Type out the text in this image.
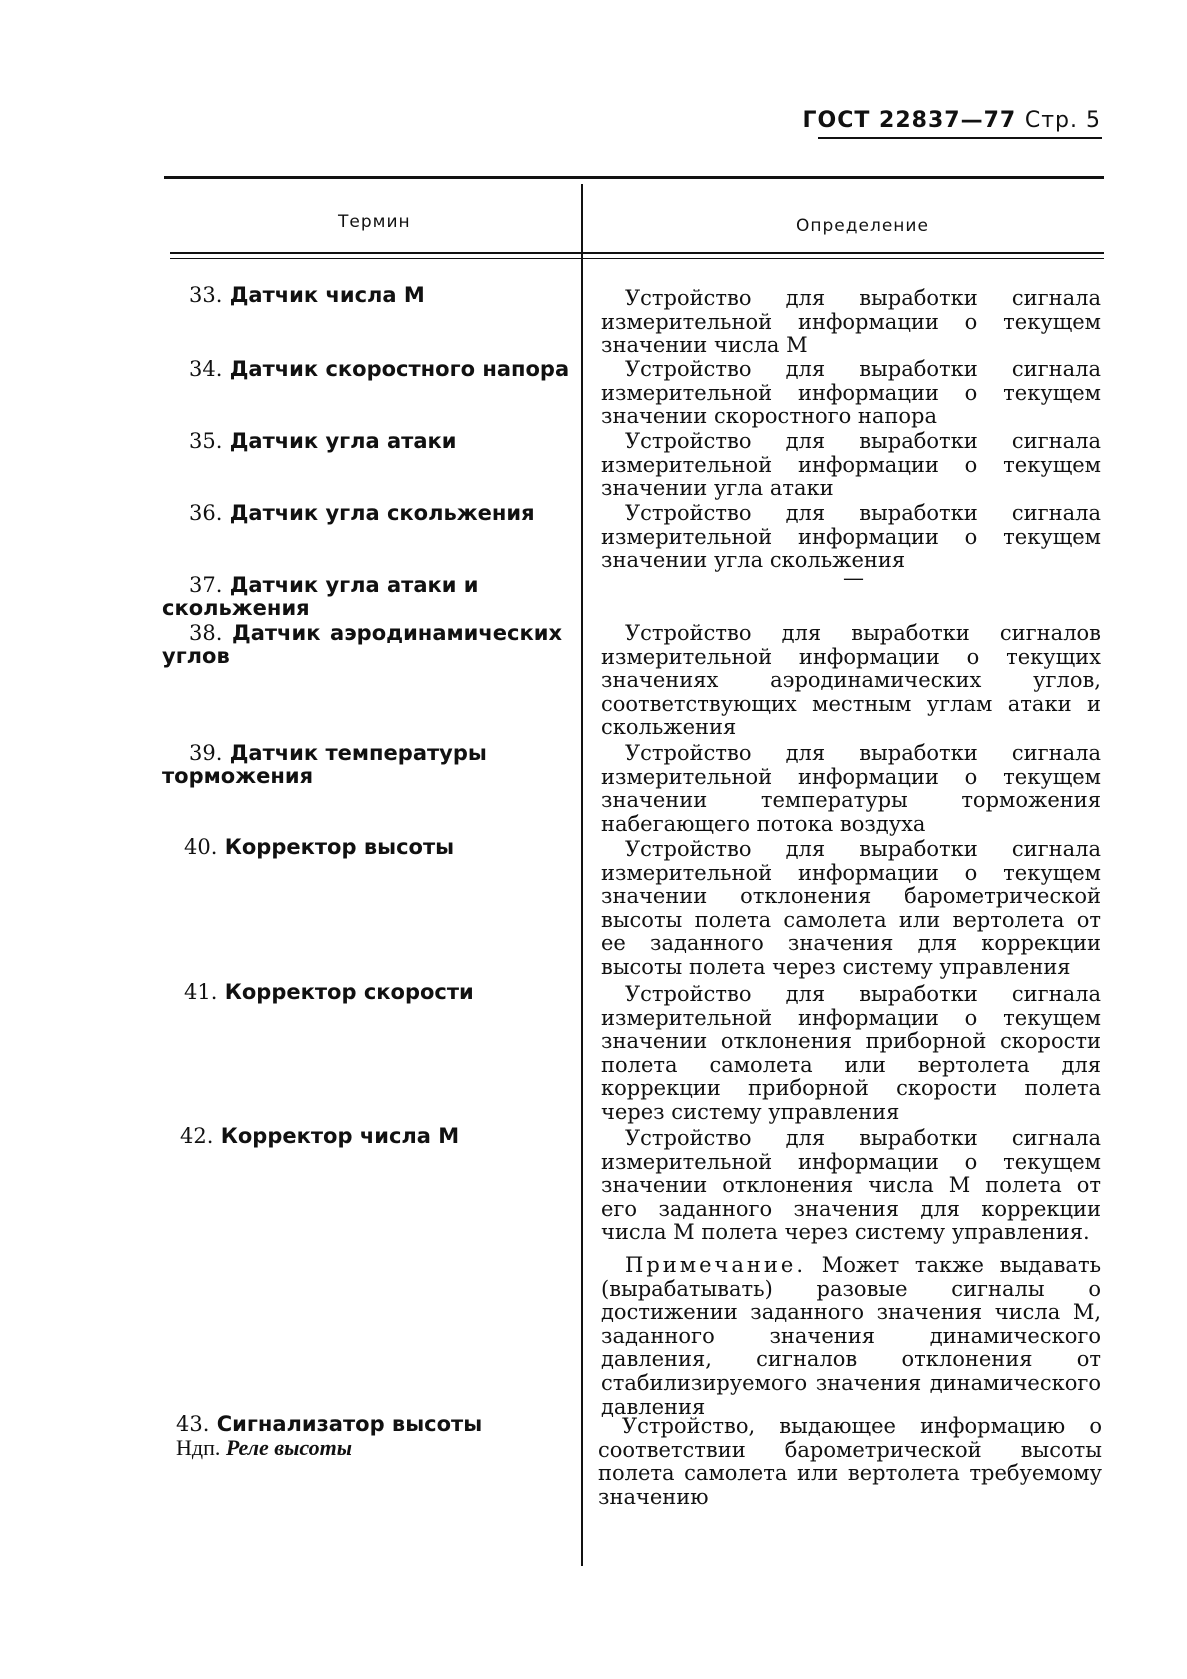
ГОСТ 22837—77 Стр. 5
Термин	Определение
33. Датчик числа М
34. Датчик скоростного напора
35. Датчик угла атаки
36. Датчик угла скольжения
37. Датчик угла атаки и скольжения
38. Датчик аэродинамических углов
39. Датчик температуры торможения
40. Корректор высоты
41. Корректор скорости
42. Корректор числа М
43. Сигнализатор высоты
Ндп. Реле высоты
Устройство для выработки сигнала измерительной информации о текущем значении числа М
Устройство для выработки сигнала измерительной информации о текущем значении скоростного напора
Устройство для выработки сигнала измерительной информации о текущем значении угла атаки
Устройство для выработки сигнала измерительной информации о текущем значении угла скольжения
—
Устройство для выработки сигналов измерительной информации о текущих значениях аэродинамических углов, соответствующих местным углам атаки и скольжения
Устройство для выработки сигнала измерительной информации о текущем значении температуры торможения набегающего потока воздуха
Устройство для выработки сигнала измерительной информации о текущем значении отклонения барометрической высоты полета самолета или вертолета от ее заданного значения для коррекции высоты полета через систему управления
Устройство для выработки сигнала измерительной информации о текущем значении отклонения приборной скорости полета самолета или вертолета для коррекции приборной скорости полета через систему управления
Устройство для выработки сигнала измерительной информации о текущем значении отклонения числа М полета от его заданного значения для коррекции числа М полета через систему управления.
Примечание. Может также выдавать (вырабатывать) разовые сигналы о достижении заданного значения числа М, заданного значения динамического давления, сигналов отклонения от стабилизируемого значения динамического давления
Устройство, выдающее информацию о соответствии барометрической высоты полета самолета или вертолета требуемому значению
